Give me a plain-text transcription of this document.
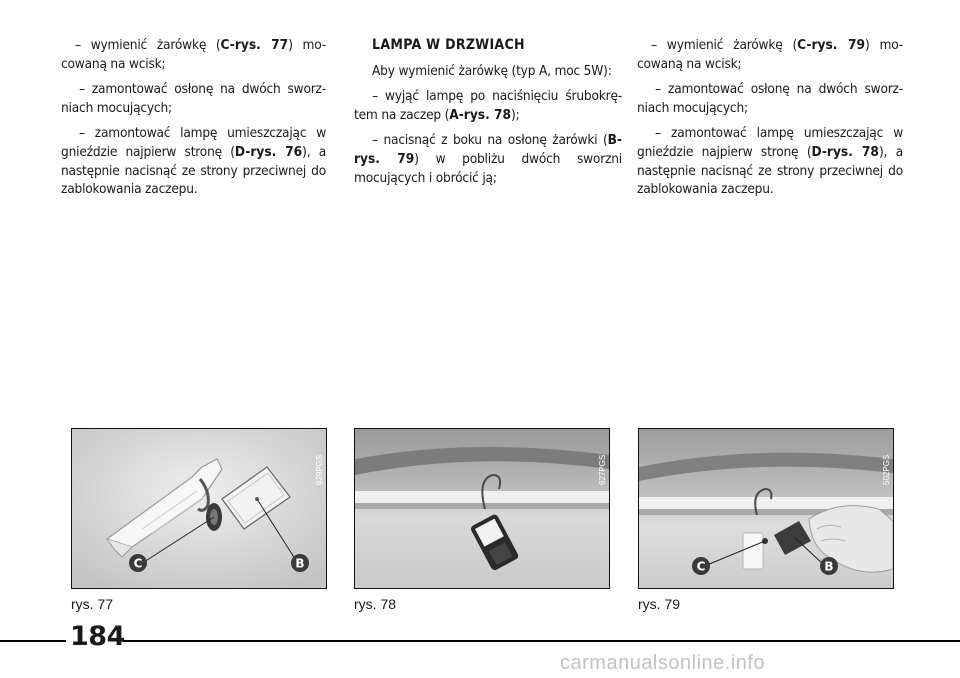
– wymienić żarówkę (C-rys. 77) mo-cowaną na wcisk;

– zamontować osłonę na dwóch sworz-niach mocujących;

– zamontować lampę umieszczając w gnieździe najpierw stronę (D-rys. 76), a następnie nacisnąć ze strony przeciwnej do zablokowania zaczepu.

LAMPA W DRZWIACH

Aby wymienić żarówkę (typ A, moc 5W):

– wyjąć lampę po naciśnięciu śrubokrę-tem na zaczep (A-rys. 78);

– nacisnąć z boku na osłonę żarówki (B-rys. 79) w pobliżu dwóch sworzni mocujących i obrócić ją;

– wymienić żarówkę (C-rys. 79) mo-cowaną na wcisk;

– zamontować osłonę na dwóch sworz-niach mocujących;

– zamontować lampę umieszczając w gnieździe najpierw stronę (D-rys. 78), a następnie nacisnąć ze strony przeciwnej do zablokowania zaczepu.

C	B
629PGS	627PGS
C	B
502PGS
rys. 77	rys. 78	rys. 79
184
carmanualsonline.info
